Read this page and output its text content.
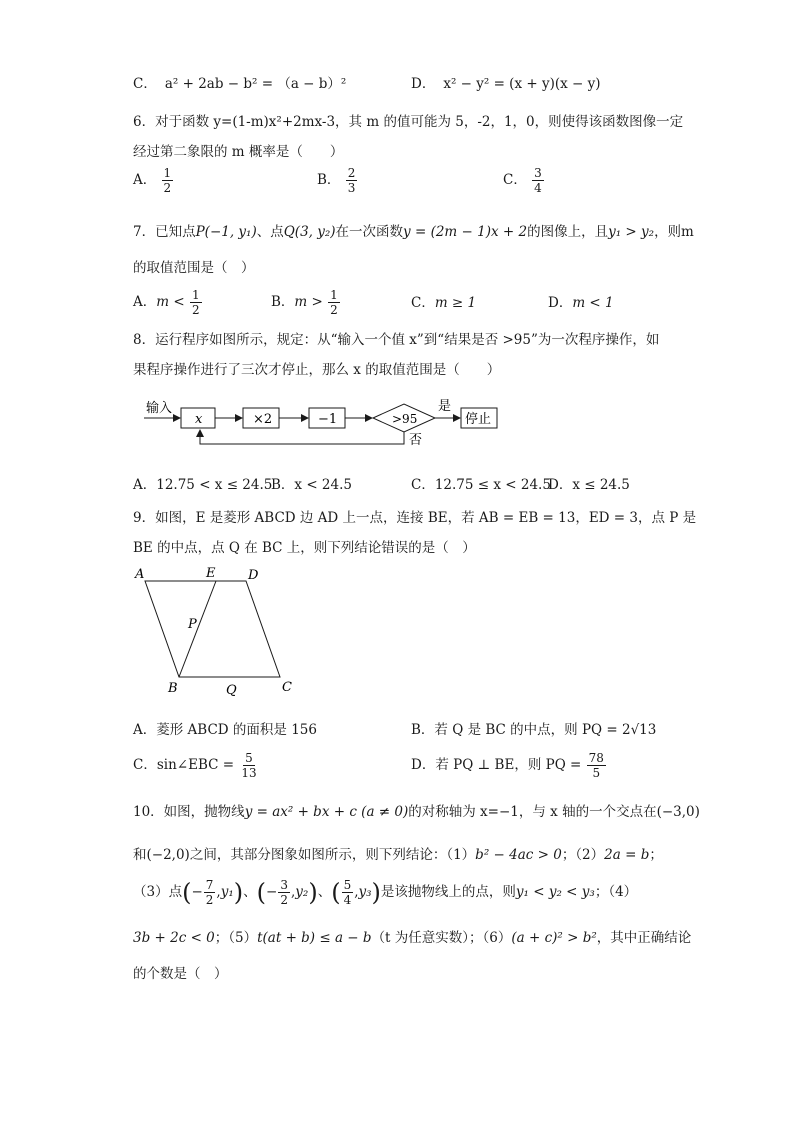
C． a² + 2ab − b² = （a − b）²	D． x² − y² = (x + y)(x − y)
6．对于函数 y=(1-m)x²+2mx-3，其 m 的值可能为 5，-2，1，0，则使得该函数图像一定
经过第二象限的 m 概率是（　　）
A． $\frac{1}{2}$	B． $\frac{2}{3}$	C． $\frac{3}{4}$
7．已知点P(−1, y₁)、点Q(3, y₂)在一次函数y = (2m − 1)x + 2的图像上，且y₁ > y₂，则m
的取值范围是（　）
A．$m < \frac{1}{2}$	B．$m > \frac{1}{2}$	C．m ≥ 1	D．m < 1
8．运行程序如图所示，规定：从“输入一个值 x”到“结果是否 >95”为一次程序操作，如
果程序操作进行了三次才停止，那么 x 的取值范围是（　　）
输入
x	×2	−1	>95
是
停止
否
A．12.75 < x ≤ 24.5
B．x < 24.5	C．12.75 ≤ x < 24.5
D．x ≤ 24.5
9．如图，E 是菱形 ABCD 边 AD 上一点，连接 BE，若 AB = EB = 13，ED = 3，点 P 是
BE 的中点，点 Q 在 BC 上，则下列结论错误的是（　）
A	E	D
P
B	Q	C
A．菱形 ABCD 的面积是 156	B．若 Q 是 BC 的中点，则 PQ = 2√13
C．sin∠EBC = $\frac{5}{13}$	D．若 PQ ⊥ BE，则 PQ = $\frac{78}{5}$
10．如图，抛物线y = ax² + bx + c (a ≠ 0)的对称轴为 x=−1，与 x 轴的一个交点在(−3,0)
和(−2,0)之间，其部分图象如图所示，则下列结论：（1）b² − 4ac > 0；（2）2a = b；
（3）点(− $\frac{7}{2} ,y_1$)、(− $\frac{3}{2} ,y_2$)、( $\frac{5}{4} ,y_3$)是该抛物线上的点，则y₁ < y₂ < y₃；（4）
3b + 2c < 0；（5）t(at + b) ≤ a − b（t 为任意实数）；（6）(a + c)² > b²，其中正确结论
的个数是（　）
